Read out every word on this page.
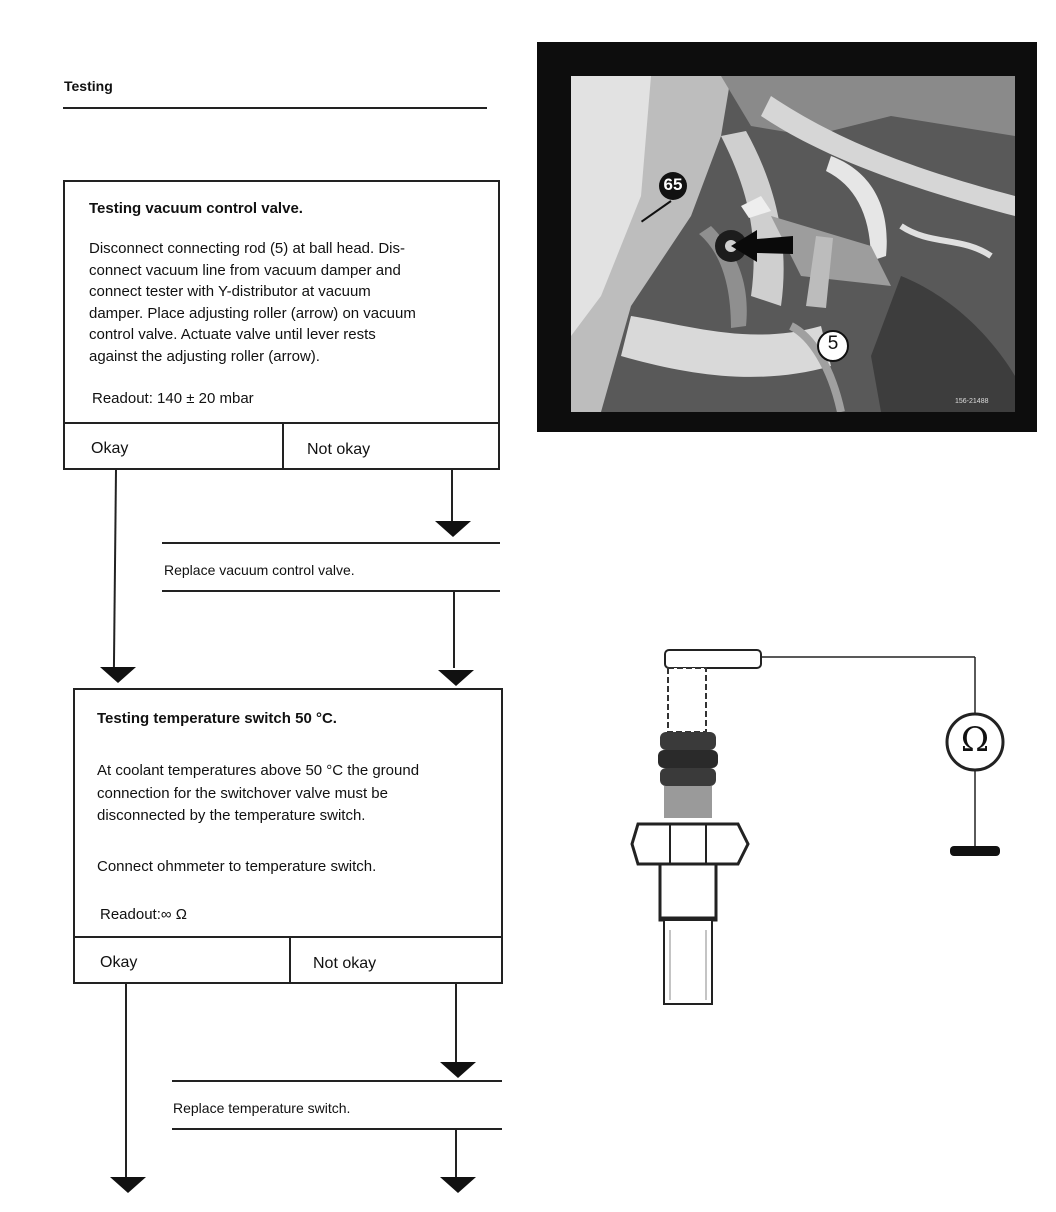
Testing
Testing vacuum control valve.
Disconnect connecting rod (5) at ball head. Dis-
connect vacuum line from vacuum damper and
connect tester with Y-distributor at vacuum
damper. Place adjusting roller (arrow) on vacuum
control valve. Actuate valve until lever rests
against the adjusting roller (arrow).
Readout: 140 ± 20 mbar
Okay	Not okay
Replace vacuum control valve.
Testing temperature switch 50 °C.
At coolant temperatures above 50 °C the ground
connection for the switchover valve must be
disconnected by the temperature switch.
Connect ohmmeter to temperature switch.
Readout:∞ Ω
Okay	Not okay
Replace temperature switch.
65
5
156-21488
Ω
